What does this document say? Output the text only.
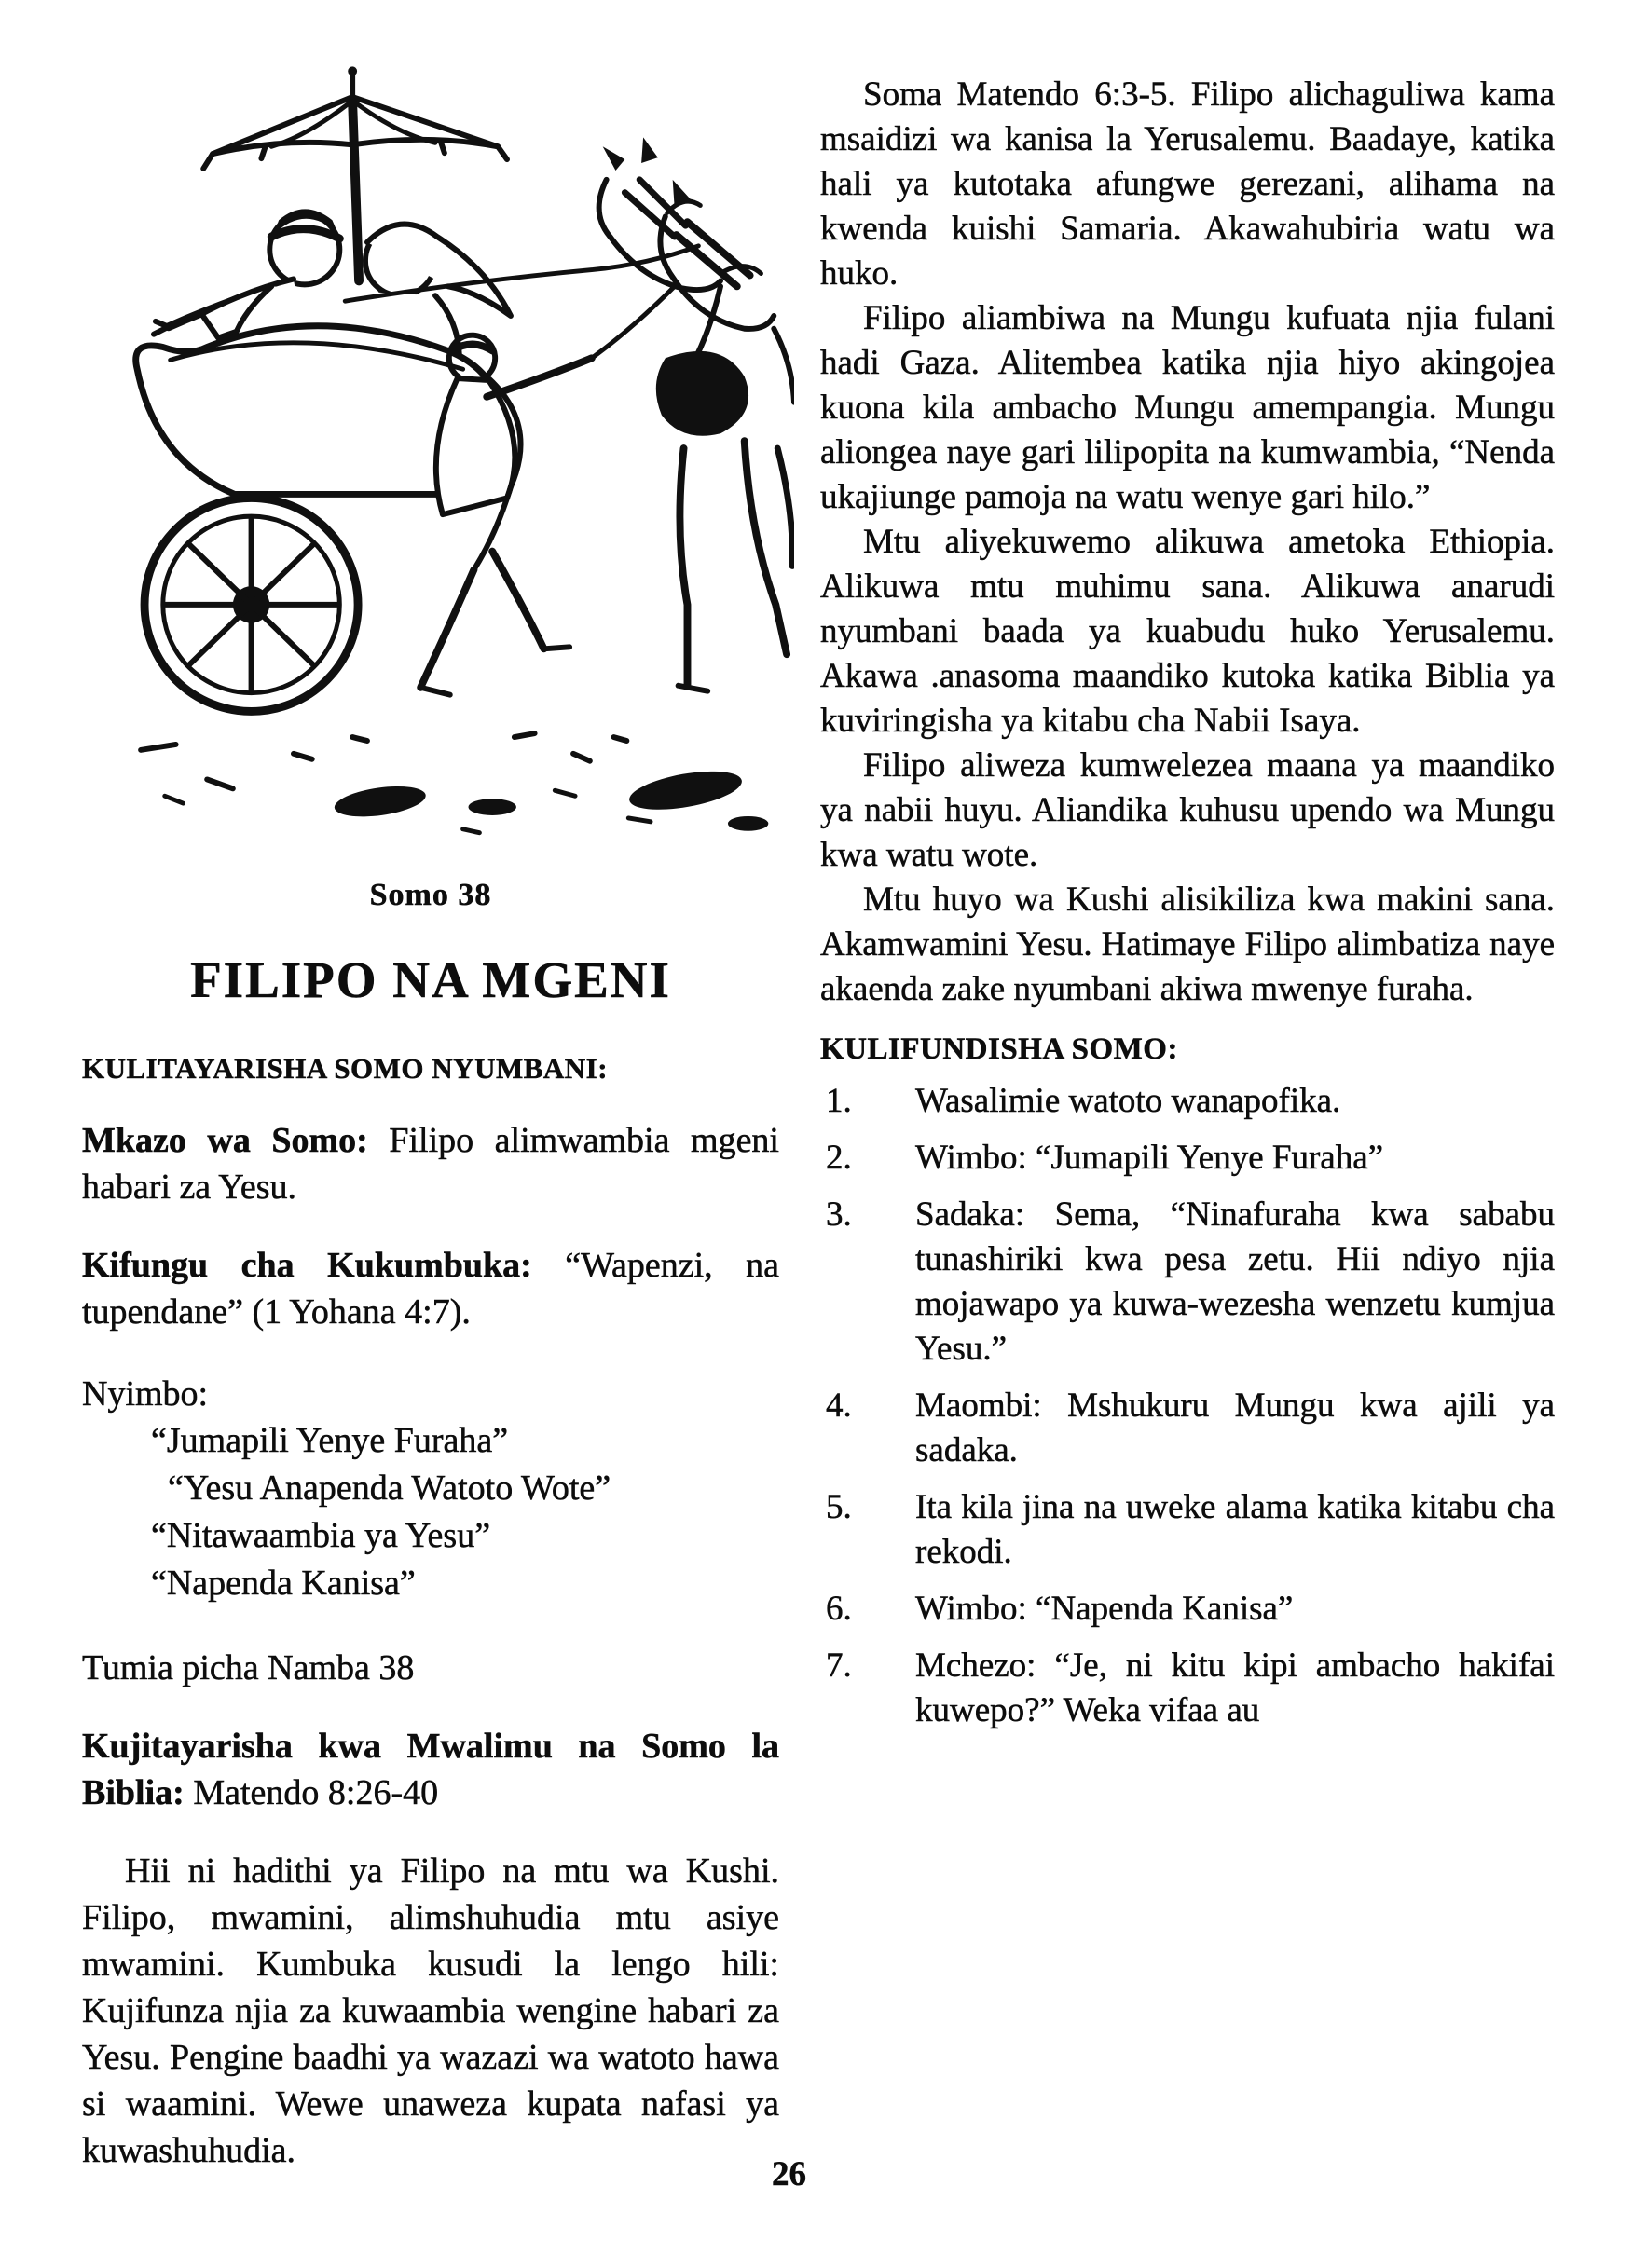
Somo 38
FILIPO NA MGENI
KULITAYARISHA SOMO NYUMBANI:

Mkazo wa Somo: Filipo alimwambia mgeni habari za Yesu.

Kifungu cha Kukumbuka: “Wapenzi, na tupendane” (1 Yohana 4:7).

Nyimbo:

“Jumapili Yenye Furaha”
“Yesu Anapenda Watoto Wote”
“Nitawaambia ya Yesu”
“Napenda Kanisa”

Tumia picha Namba 38

Kujitayarisha kwa Mwalimu na Somo la Biblia: Matendo 8:26-40

Hii ni hadithi ya Filipo na mtu wa Kushi. Filipo, mwamini, alimshuhudia mtu asiye mwamini. Kumbuka kusudi la lengo hili: Kujifunza njia za kuwaambia wengine habari za Yesu. Pengine baadhi ya wazazi wa watoto hawa si waamini. Wewe unaweza kupata nafasi ya kuwashuhudia.

Soma Matendo 6:3-5. Filipo alichaguliwa kama msaidizi wa kanisa la Yerusalemu. Baadaye, katika hali ya kutotaka afungwe gerezani, alihama na kwenda kuishi Samaria. Akawahubiria watu wa huko.

Filipo aliambiwa na Mungu kufuata njia fulani hadi Gaza. Alitembea katika njia hiyo akingojea kuona kila ambacho Mungu amempangia. Mungu aliongea naye gari lilipopita na kumwambia, “Nenda ukajiunge pamoja na watu wenye gari hilo.”

Mtu aliyekuwemo alikuwa ametoka Ethiopia. Alikuwa mtu muhimu sana. Alikuwa anarudi nyumbani baada ya kuabudu huko Yerusalemu. Akawa .anasoma maandiko kutoka katika Biblia ya kuviringisha ya kitabu cha Nabii Isaya.

Filipo aliweza kumwelezea maana ya maandiko ya nabii huyu. Aliandika kuhusu upendo wa Mungu kwa watu wote.

Mtu huyo wa Kushi alisikiliza kwa makini sana. Akamwamini Yesu. Hatimaye Filipo alimbatiza naye akaenda zake nyumbani akiwa mwenye furaha.

KULIFUNDISHA SOMO:
1. Wasalimie watoto wanapofika.
2. Wimbo: “Jumapili Yenye Furaha”
3. Sadaka: Sema, “Ninafuraha kwa sababu tunashiriki kwa pesa zetu. Hii ndiyo njia mojawapo ya kuwa-wezesha wenzetu kumjua Yesu.”
4. Maombi: Mshukuru Mungu kwa ajili ya sadaka.
5. Ita kila jina na uweke alama katika kitabu cha rekodi.
6. Wimbo: “Napenda Kanisa”
7. Mchezo: “Je, ni kitu kipi ambacho hakifai kuwepo?” Weka vifaa au
26
